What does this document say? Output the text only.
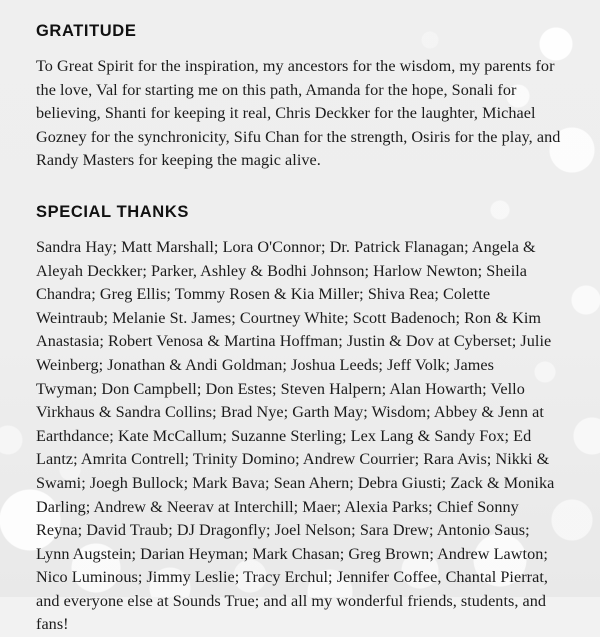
GRATITUDE

To Great Spirit for the inspiration, my ancestors for the wisdom, my parents for the love, Val for starting me on this path, Amanda for the hope, Sonali for believing, Shanti for keeping it real, Chris Deckker for the laughter, Michael Gozney for the synchronicity, Sifu Chan for the strength, Osiris for the play, and Randy Masters for keeping the magic alive.

SPECIAL THANKS

Sandra Hay; Matt Marshall; Lora O'Connor; Dr. Patrick Flanagan; Angela & Aleyah Deckker; Parker, Ashley & Bodhi Johnson; Harlow Newton; Sheila Chandra; Greg Ellis; Tommy Rosen & Kia Miller; Shiva Rea; Colette Weintraub; Melanie St. James; Courtney White; Scott Badenoch; Ron & Kim Anastasia; Robert Venosa & Martina Hoffman; Justin & Dov at Cyberset; Julie Weinberg; Jonathan & Andi Goldman; Joshua Leeds; Jeff Volk; James Twyman; Don Campbell; Don Estes; Steven Halpern; Alan Howarth; Vello Virkhaus & Sandra Collins; Brad Nye; Garth May; Wisdom; Abbey & Jenn at Earthdance; Kate McCallum; Suzanne Sterling; Lex Lang & Sandy Fox; Ed Lantz; Amrita Contrell; Trinity Domino; Andrew Courrier; Rara Avis; Nikki & Swami; Joegh Bullock; Mark Bava; Sean Ahern; Debra Giusti; Zack & Monika Darling; Andrew & Neerav at Interchill; Maer; Alexia Parks; Chief Sonny Reyna; David Traub; DJ Dragonfly; Joel Nelson; Sara Drew; Antonio Saus; Lynn Augstein; Darian Heyman; Mark Chasan; Greg Brown; Andrew Lawton; Nico Luminous; Jimmy Leslie; Tracy Erchul; Jennifer Coffee, Chantal Pierrat, and everyone else at Sounds True; and all my wonderful friends, students, and fans!
